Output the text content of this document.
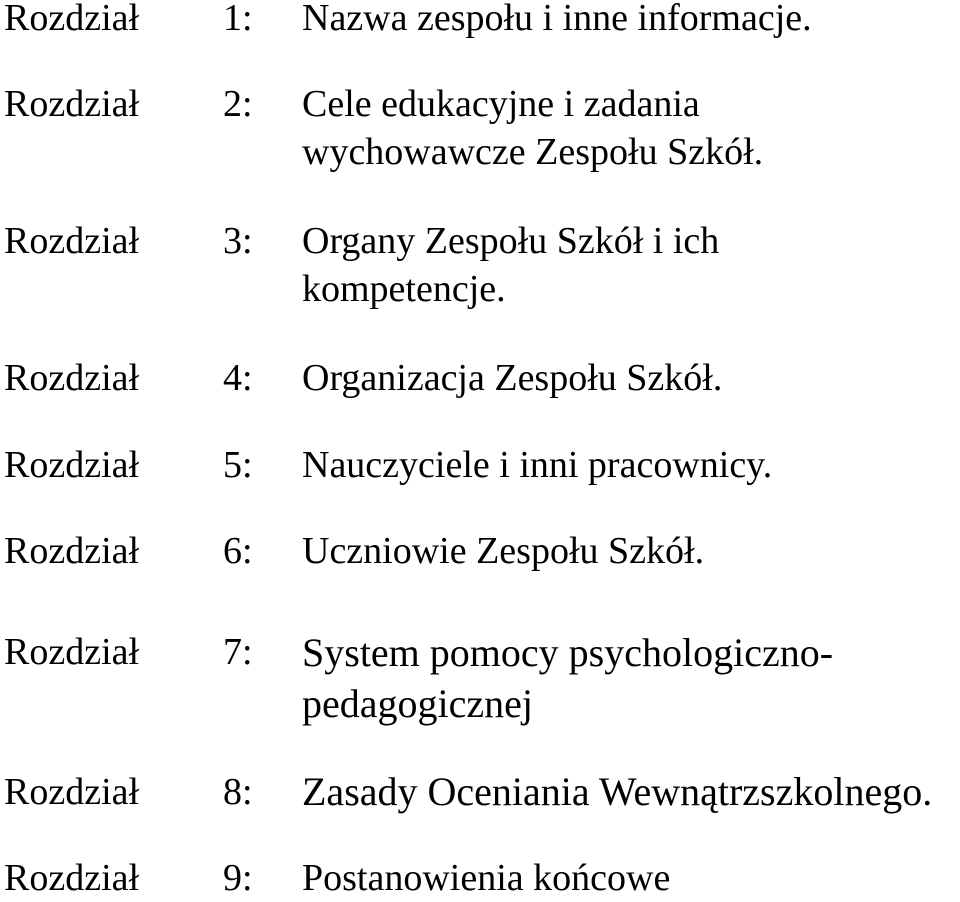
Rozdział 1: Nazwa zespołu i inne informacje.
Rozdział 2: Cele edukacyjne i zadania wychowawcze Zespołu Szkół.
Rozdział 3: Organy Zespołu Szkół i ich kompetencje.
Rozdział 4: Organizacja Zespołu Szkół.
Rozdział 5: Nauczyciele i inni pracownicy.
Rozdział 6: Uczniowie Zespołu Szkół.
Rozdział 7: System pomocy psychologiczno-pedagogicznej
Rozdział 8: Zasady Oceniania Wewnątrzszkolnego.
Rozdział 9: Postanowienia końcowe
